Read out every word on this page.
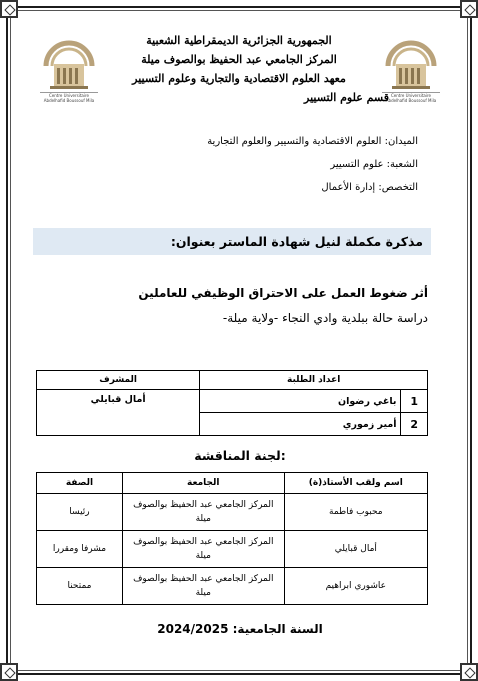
Centre Universitaire Abdelhafid Boussouf Mila
Centre Universitaire Abdelhafid Boussouf Mila
الجمهورية الجزائرية الديمقراطية الشعبية
المركز الجامعي عبد الحفيظ بوالصوف ميلة
معهد العلوم الاقتصادية والتجارية وعلوم التسيير
قسم علوم التسيير
الميدان: العلوم الاقتصادية والتسيير والعلوم التجارية
الشعبة: علوم التسيير
التخصص: إدارة الأعمال
مذكرة مكملة لنيل شهادة الماستر بعنوان:
أثر ضغوط العمل على الاحتراق الوظيفي للعاملين
دراسة حالة ببلدية وادي النجاء -ولاية ميلة-
اعداد الطلبة		المشرف
1	باغي رضوان	أمال قبايلي
2	أمير زموري	
لجنة المناقشة:
اسم ولقب الأستاذ(ة)	الجامعة	الصفة
محبوب فاطمة	المركز الجامعي عبد الحفيظ بوالصوف ميلة	رئيسا
أمال قبايلي	المركز الجامعي عبد الحفيظ بوالصوف ميلة	مشرفا ومقررا
عاشوري ابراهيم	المركز الجامعي عبد الحفيظ بوالصوف ميلة	ممتحنا
السنة الجامعية: 2024/2025
